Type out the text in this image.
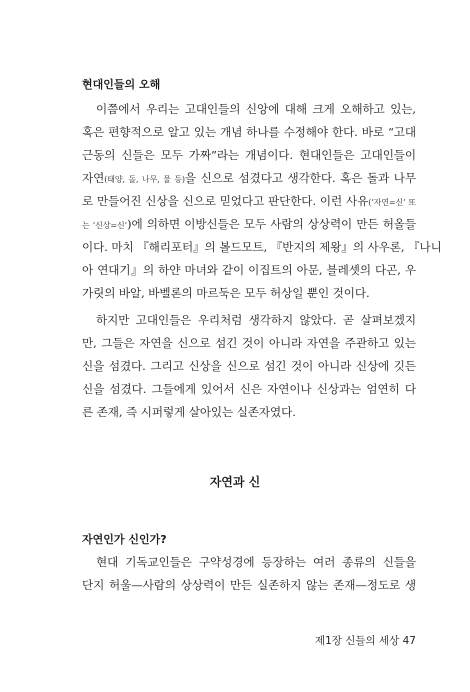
현대인들의 오해
이쯤에서 우리는 고대인들의 신앙에 대해 크게 오해하고 있는,
혹은 편향적으로 알고 있는 개념 하나를 수정해야 한다. 바로 “고대
근동의 신들은 모두 가짜”라는 개념이다. 현대인들은 고대인들이
자연(태양, 돌, 나무, 물 등)을 신으로 섬겼다고 생각한다. 혹은 돌과 나무
로 만들어진 신상을 신으로 믿었다고 판단한다. 이런 사유(‘자연=신’ 또
는 ‘신상=신’)에 의하면 이방신들은 모두 사람의 상상력이 만든 허올들
이다. 마치 『해리포터』의 볼드모트, 『반지의 제왕』의 사우론, 『나니
아 연대기』의 하얀 마녀와 같이 이집트의 아문, 블레셋의 다곤, 우
가릿의 바알, 바벨론의 마르둑은 모두 허상일 뿐인 것이다.
하지만 고대인들은 우리처럼 생각하지 않았다. 곧 살펴보겠지
만, 그들은 자연을 신으로 섬긴 것이 아니라 자연을 주관하고 있는
신을 섬겼다. 그리고 신상을 신으로 섬긴 것이 아니라 신상에 깃든
신을 섬겼다. 그들에게 있어서 신은 자연이나 신상과는 엄연히 다
른 존재, 즉 시퍼렇게 살아있는 실존자였다.
자연과 신
자연인가 신인가?
현대 기독교인들은 구약성경에 등장하는 여러 종류의 신들을
단지 허울—사람의 상상력이 만든 실존하지 않는 존재—정도로 생
제1장 신들의 세상 47
